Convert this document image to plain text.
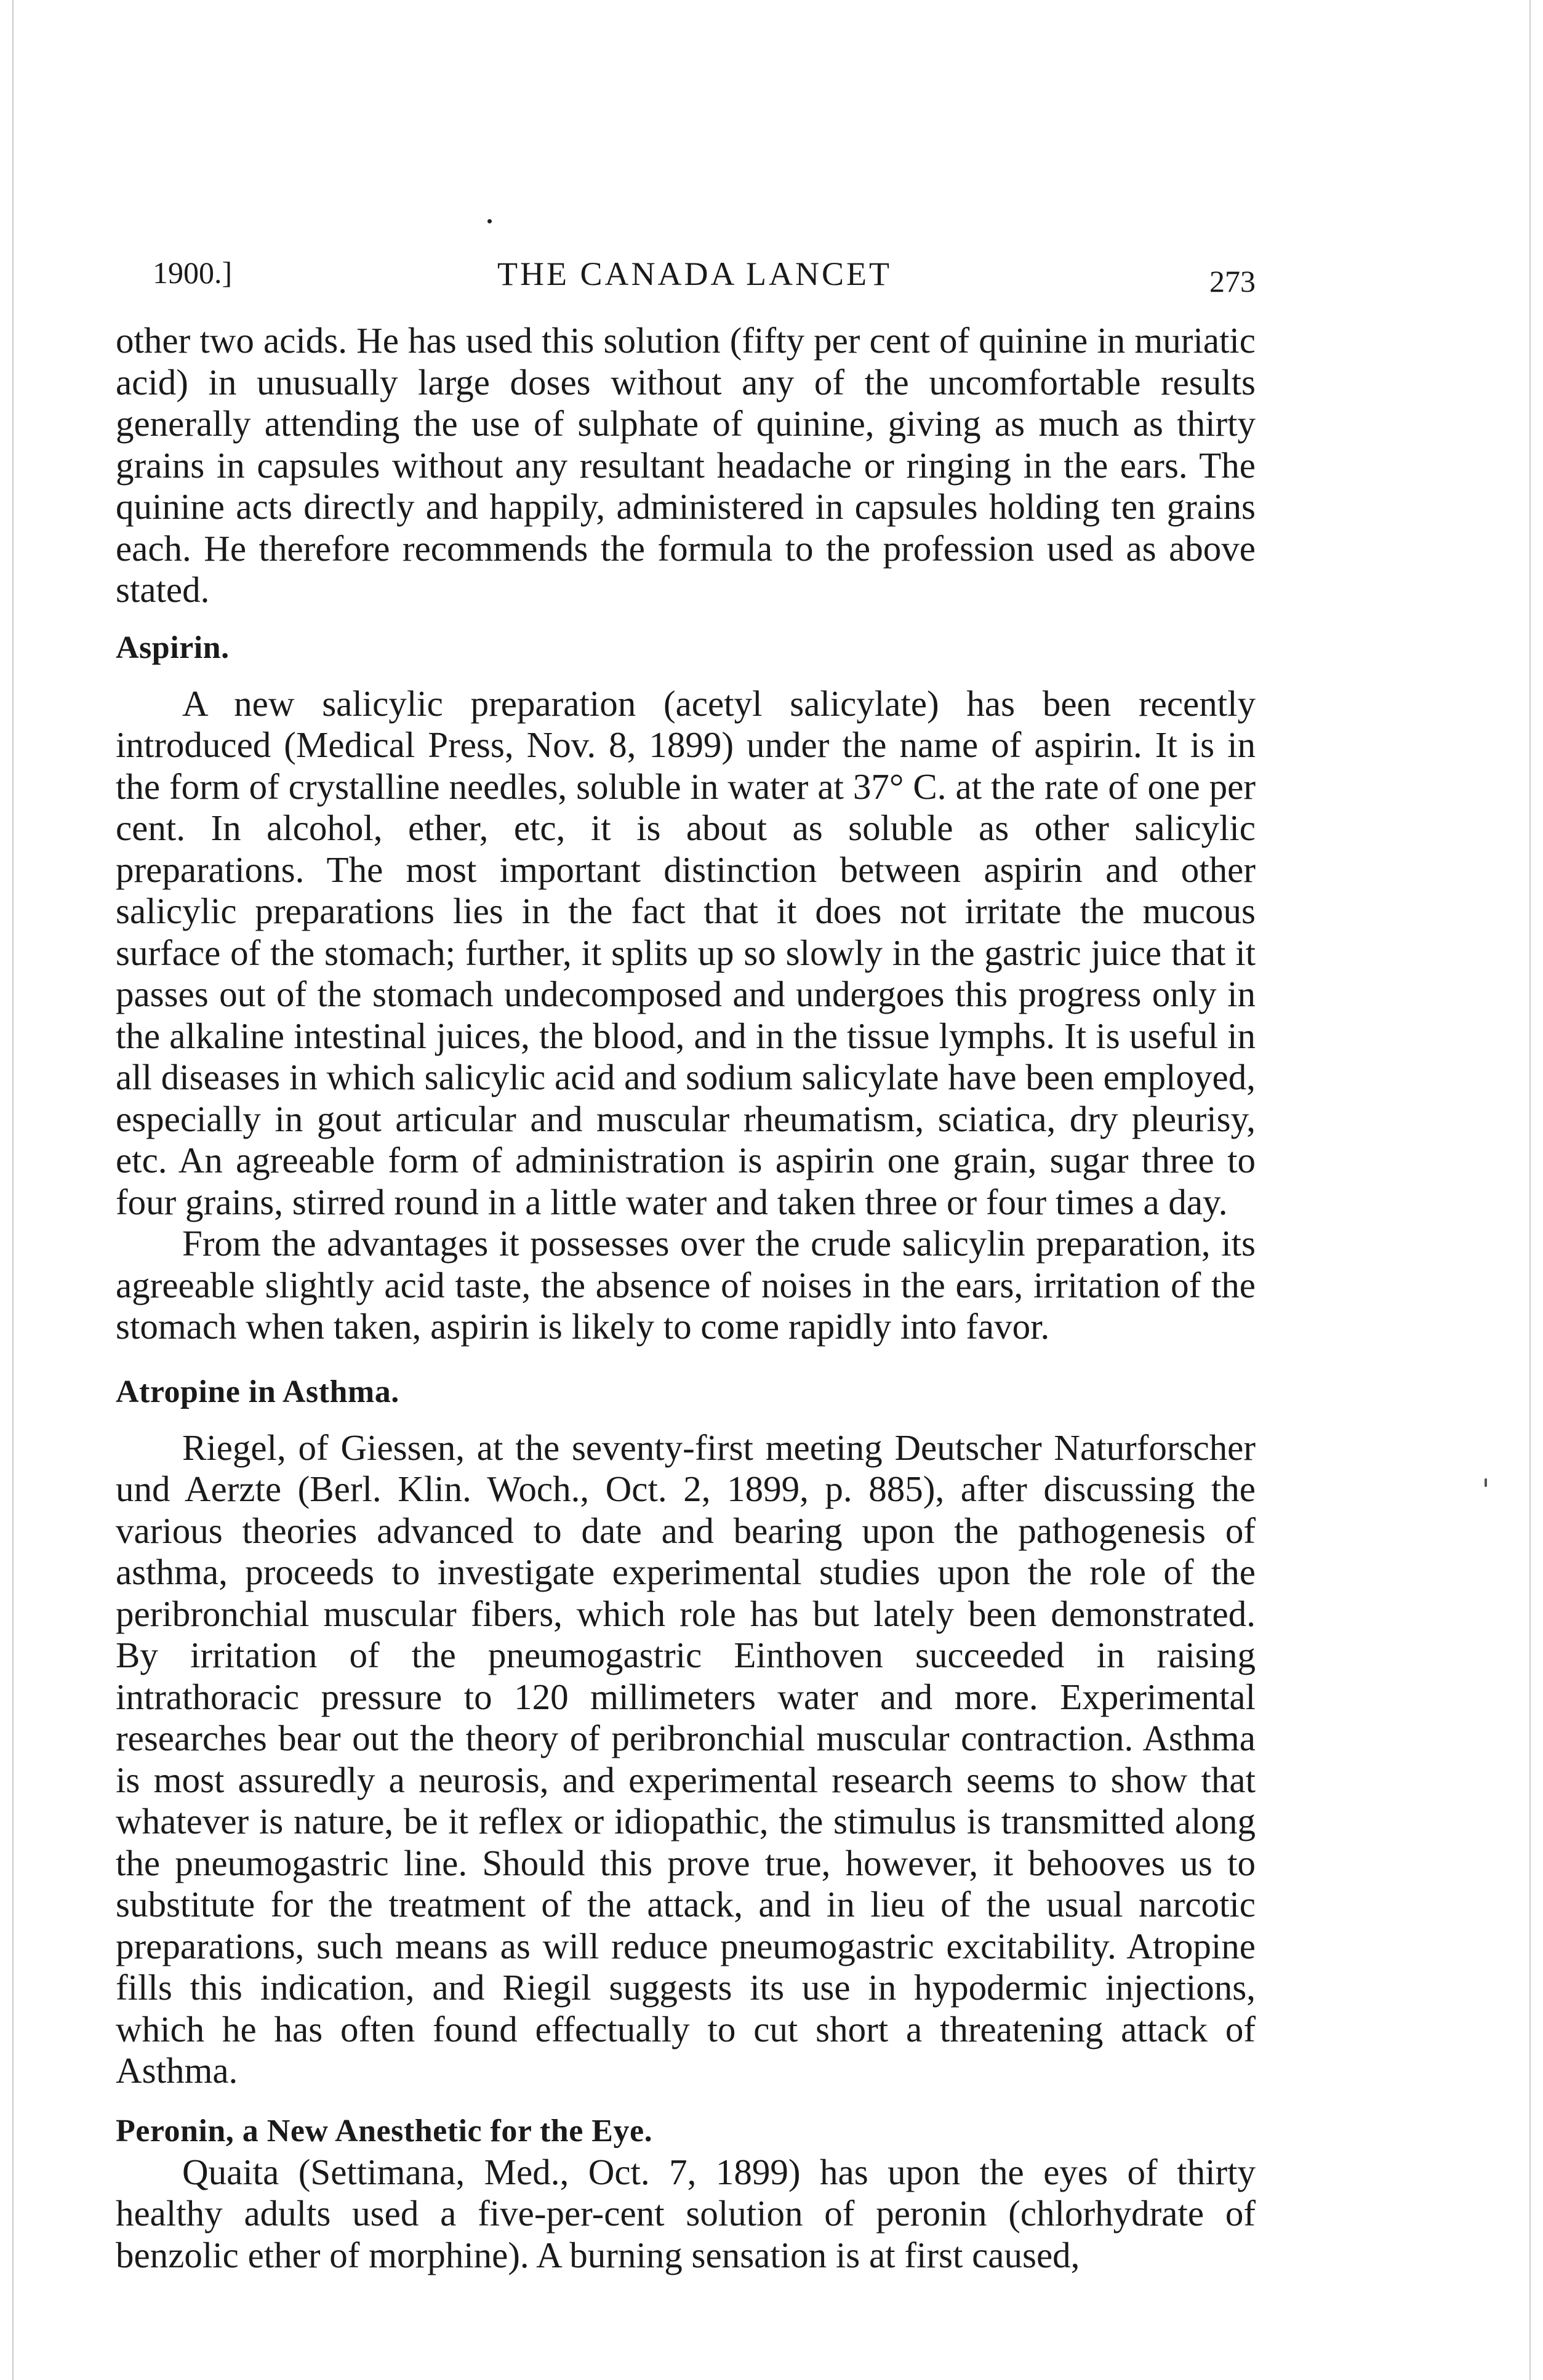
1900.]	THE CANADA LANCET	273

other two acids. He has used this solution (fifty per cent of quinine in muriatic acid) in unusually large doses without any of the uncomfortable results generally attending the use of sulphate of quinine, giving as much as thirty grains in capsules without any resultant headache or ringing in the ears. The quinine acts directly and happily, administered in capsules holding ten grains each. He therefore recommends the formula to the profession used as above stated.

Aspirin.

A new salicylic preparation (acetyl salicylate) has been recently introduced (Medical Press, Nov. 8, 1899) under the name of aspirin. It is in the form of crystalline needles, soluble in water at 37° C. at the rate of one per cent. In alcohol, ether, etc, it is about as soluble as other salicylic preparations. The most important distinction between aspirin and other salicylic preparations lies in the fact that it does not irritate the mucous surface of the stomach; further, it splits up so slowly in the gastric juice that it passes out of the stomach undecomposed and undergoes this progress only in the alkaline intestinal juices, the blood, and in the tissue lymphs. It is useful in all diseases in which salicylic acid and sodium salicylate have been employed, especially in gout articular and muscular rheumatism, sciatica, dry pleurisy, etc. An agreeable form of administration is aspirin one grain, sugar three to four grains, stirred round in a little water and taken three or four times a day.

From the advantages it possesses over the crude salicylin preparation, its agreeable slightly acid taste, the absence of noises in the ears, irritation of the stomach when taken, aspirin is likely to come rapidly into favor.

Atropine in Asthma.

Riegel, of Giessen, at the seventy-first meeting Deutscher Naturforscher und Aerzte (Berl. Klin. Woch., Oct. 2, 1899, p. 885), after discussing the various theories advanced to date and bearing upon the pathogenesis of asthma, proceeds to investigate experimental studies upon the role of the peribronchial muscular fibers, which role has but lately been demonstrated. By irritation of the pneumogastric Einthoven succeeded in raising intrathoracic pressure to 120 millimeters water and more. Experimental researches bear out the theory of peribronchial muscular contraction. Asthma is most assuredly a neurosis, and experimental research seems to show that whatever is nature, be it reflex or idiopathic, the stimulus is transmitted along the pneumogastric line. Should this prove true, however, it behooves us to substitute for the treatment of the attack, and in lieu of the usual narcotic preparations, such means as will reduce pneumogastric excitability. Atropine fills this indication, and Riegil suggests its use in hypodermic injections, which he has often found effectually to cut short a threatening attack of Asthma.

Peronin, a New Anesthetic for the Eye.

Quaita (Settimana, Med., Oct. 7, 1899) has upon the eyes of thirty healthy adults used a five-per-cent solution of peronin (chlorhydrate of benzolic ether of morphine). A burning sensation is at first caused,
